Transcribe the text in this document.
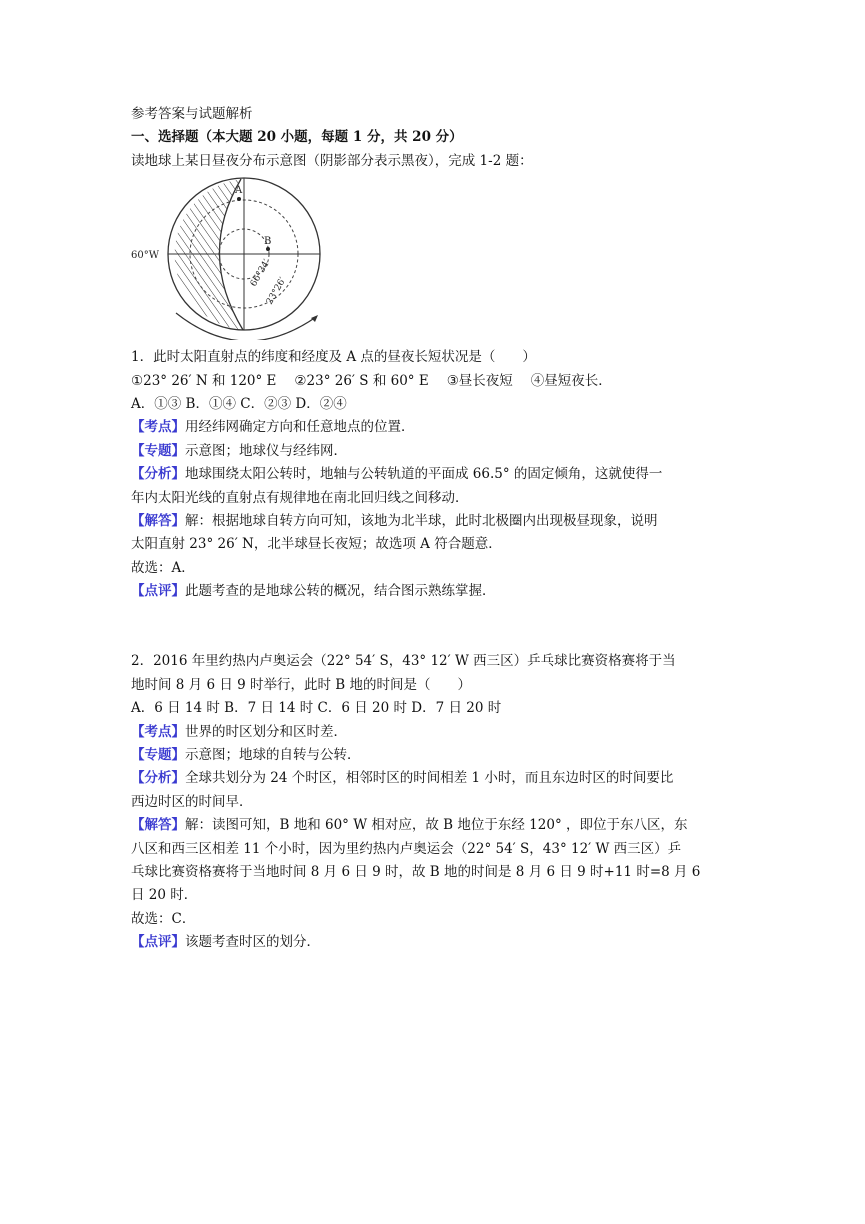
参考答案与试题解析
一、选择题（本大题 20 小题，每题 1 分，共 20 分）
读地球上某日昼夜分布示意图（阴影部分表示黑夜），完成 1-2 题：
60°W
A
B
66°34′
23°26′
1．此时太阳直射点的纬度和经度及 A 点的昼夜长短状况是（　　）
①23° 26′ N 和 120° E ②23° 26′ S 和 60° E ③昼长夜短 ④昼短夜长．
A．①③ B．①④ C．②③ D．②④
【考点】用经纬网确定方向和任意地点的位置．
【专题】示意图；地球仪与经纬网．
【分析】地球围绕太阳公转时，地轴与公转轨道的平面成 66.5° 的固定倾角，这就使得一
年内太阳光线的直射点有规律地在南北回归线之间移动．
【解答】解：根据地球自转方向可知，该地为北半球，此时北极圈内出现极昼现象，说明
太阳直射 23° 26′ N，北半球昼长夜短；故选项 A 符合题意．
故选：A．
【点评】此题考查的是地球公转的概况，结合图示熟练掌握．
2．2016 年里约热内卢奥运会（22° 54′ S，43° 12′ W 西三区）乒乓球比赛资格赛将于当
地时间 8 月 6 日 9 时举行，此时 B 地的时间是（　　）
A．6 日 14 时 B．7 日 14 时 C．6 日 20 时 D．7 日 20 时
【考点】世界的时区划分和区时差．
【专题】示意图；地球的自转与公转．
【分析】全球共划分为 24 个时区，相邻时区的时间相差 1 小时，而且东边时区的时间要比
西边时区的时间早．
【解答】解：读图可知，B 地和 60° W 相对应，故 B 地位于东经 120° ，即位于东八区，东
八区和西三区相差 11 个小时，因为里约热内卢奥运会（22° 54′ S，43° 12′ W 西三区）乒
乓球比赛资格赛将于当地时间 8 月 6 日 9 时，故 B 地的时间是 8 月 6 日 9 时+11 时=8 月 6
日 20 时．
故选：C．
【点评】该题考查时区的划分．
